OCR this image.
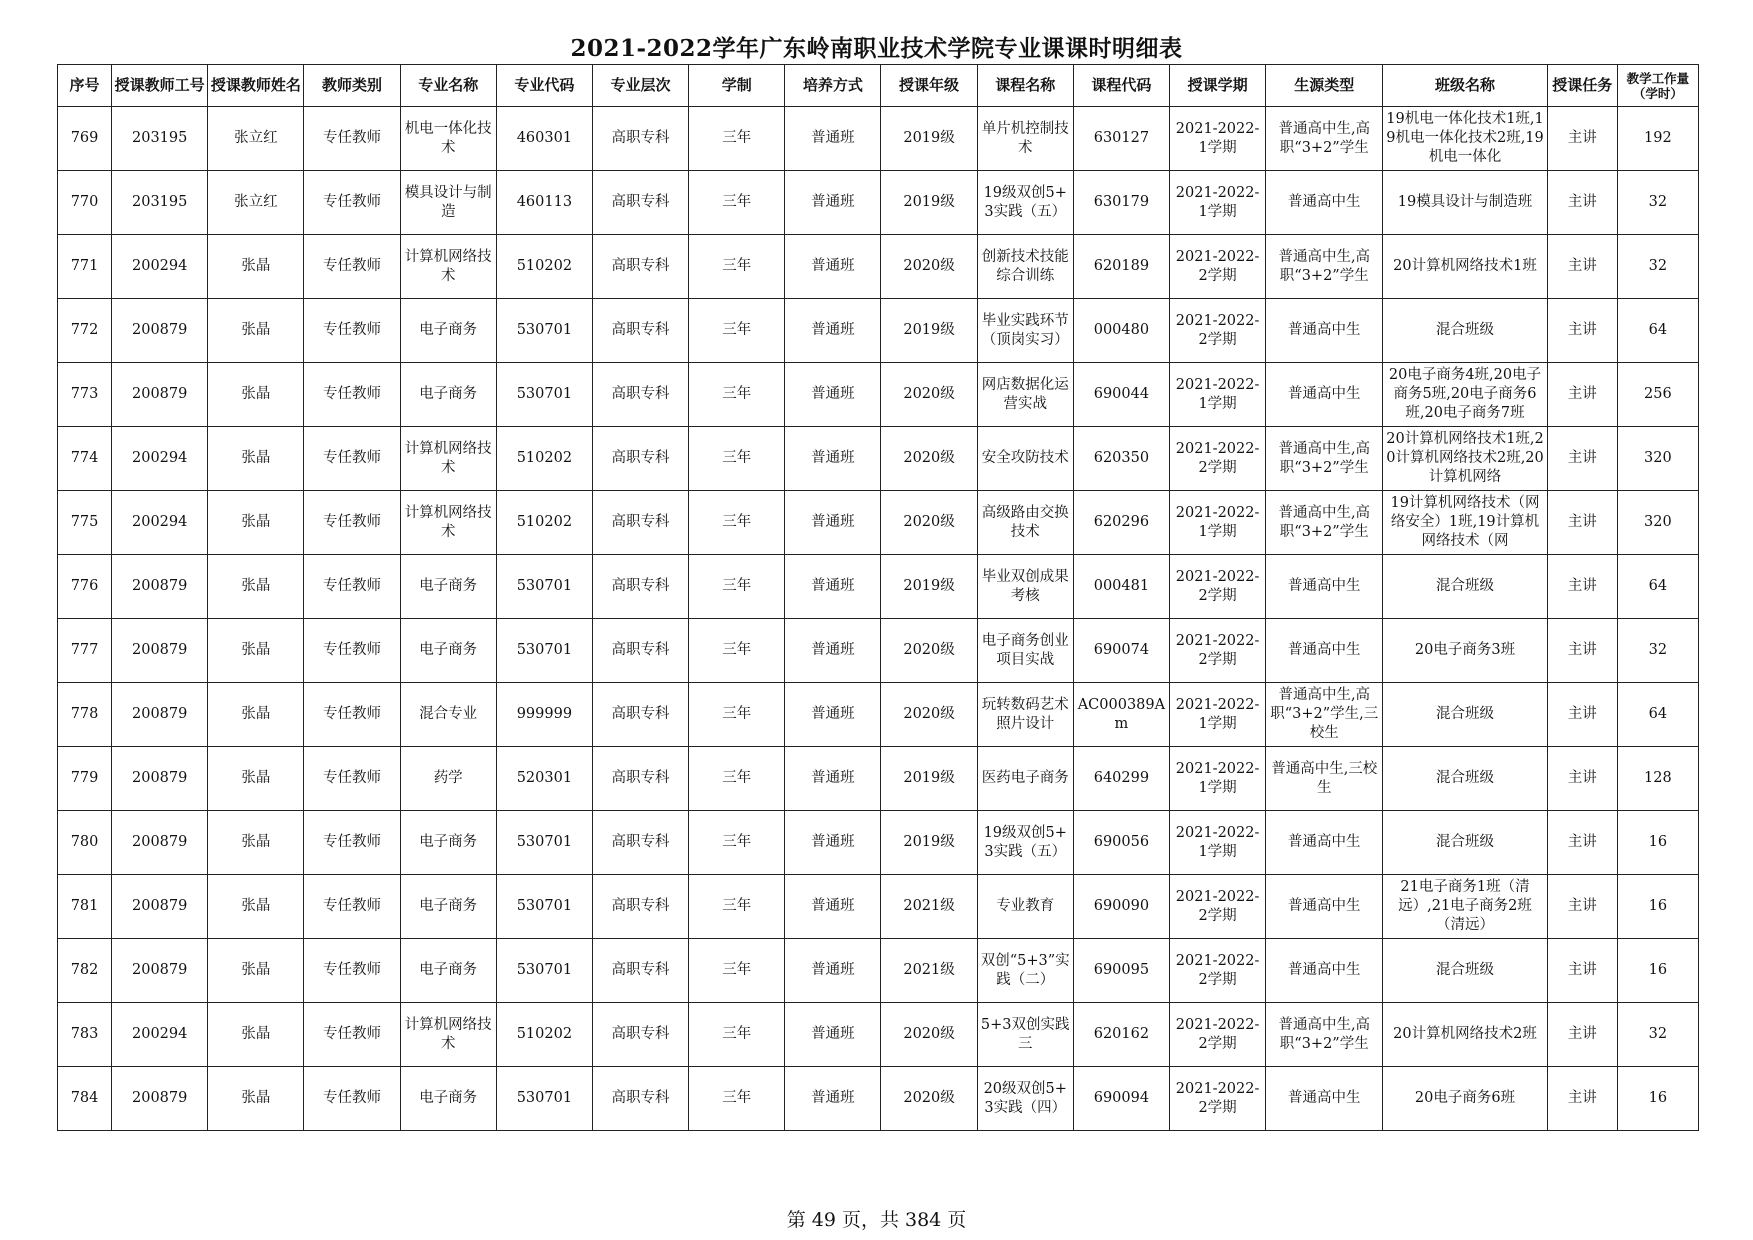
2021-2022学年广东岭南职业技术学院专业课课时明细表
序号	授课教师工号	授课教师姓名	教师类别	专业名称	专业代码	专业层次	学制	培养方式	授课年级	课程名称	课程代码	授课学期	生源类型	班级名称	授课任务	教学工作量（学时）

769	203195	张立红	专任教师	机电一体化技术	460301	高职专科	三年	普通班	2019级	单片机控制技术	630127	2021-2022-1学期	普通高中生,高职“3+2”学生	19机电一体化技术1班,19机电一体化技术2班,19机电一体化	主讲	192

770	203195	张立红	专任教师	模具设计与制造	460113	高职专科	三年	普通班	2019级	19级双创5+3实践（五）	630179	2021-2022-1学期	普通高中生	19模具设计与制造班	主讲	32

771	200294	张晶	专任教师	计算机网络技术	510202	高职专科	三年	普通班	2020级	创新技术技能综合训练	620189	2021-2022-2学期	普通高中生,高职“3+2”学生	20计算机网络技术1班	主讲	32

772	200879	张晶	专任教师	电子商务	530701	高职专科	三年	普通班	2019级	毕业实践环节（顶岗实习）	000480	2021-2022-2学期	普通高中生	混合班级	主讲	64

773	200879	张晶	专任教师	电子商务	530701	高职专科	三年	普通班	2020级	网店数据化运营实战	690044	2021-2022-1学期	普通高中生	20电子商务4班,20电子商务5班,20电子商务6班,20电子商务7班	主讲	256

774	200294	张晶	专任教师	计算机网络技术	510202	高职专科	三年	普通班	2020级	安全攻防技术	620350	2021-2022-2学期	普通高中生,高职“3+2”学生	20计算机网络技术1班,20计算机网络技术2班,20计算机网络	主讲	320

775	200294	张晶	专任教师	计算机网络技术	510202	高职专科	三年	普通班	2020级	高级路由交换技术	620296	2021-2022-1学期	普通高中生,高职“3+2”学生	19计算机网络技术（网络安全）1班,19计算机网络技术（网	主讲	320

776	200879	张晶	专任教师	电子商务	530701	高职专科	三年	普通班	2019级	毕业双创成果考核	000481	2021-2022-2学期	普通高中生	混合班级	主讲	64

777	200879	张晶	专任教师	电子商务	530701	高职专科	三年	普通班	2020级	电子商务创业项目实战	690074	2021-2022-2学期	普通高中生	20电子商务3班	主讲	32

778	200879	张晶	专任教师	混合专业	999999	高职专科	三年	普通班	2020级	玩转数码艺术照片设计	AC000389Am	2021-2022-1学期	普通高中生,高职“3+2”学生,三校生	混合班级	主讲	64

779	200879	张晶	专任教师	药学	520301	高职专科	三年	普通班	2019级	医药电子商务	640299	2021-2022-1学期	普通高中生,三校生	混合班级	主讲	128

780	200879	张晶	专任教师	电子商务	530701	高职专科	三年	普通班	2019级	19级双创5+3实践（五）	690056	2021-2022-1学期	普通高中生	混合班级	主讲	16

781	200879	张晶	专任教师	电子商务	530701	高职专科	三年	普通班	2021级	专业教育	690090	2021-2022-2学期	普通高中生	21电子商务1班（清远）,21电子商务2班（清远）	主讲	16

782	200879	张晶	专任教师	电子商务	530701	高职专科	三年	普通班	2021级	双创“5+3”实践（二）	690095	2021-2022-2学期	普通高中生	混合班级	主讲	16

783	200294	张晶	专任教师	计算机网络技术	510202	高职专科	三年	普通班	2020级	5+3双创实践三	620162	2021-2022-2学期	普通高中生,高职“3+2”学生	20计算机网络技术2班	主讲	32

784	200879	张晶	专任教师	电子商务	530701	高职专科	三年	普通班	2020级	20级双创5+3实践（四）	690094	2021-2022-2学期	普通高中生	20电子商务6班	主讲	16
第 49 页，共 384 页
